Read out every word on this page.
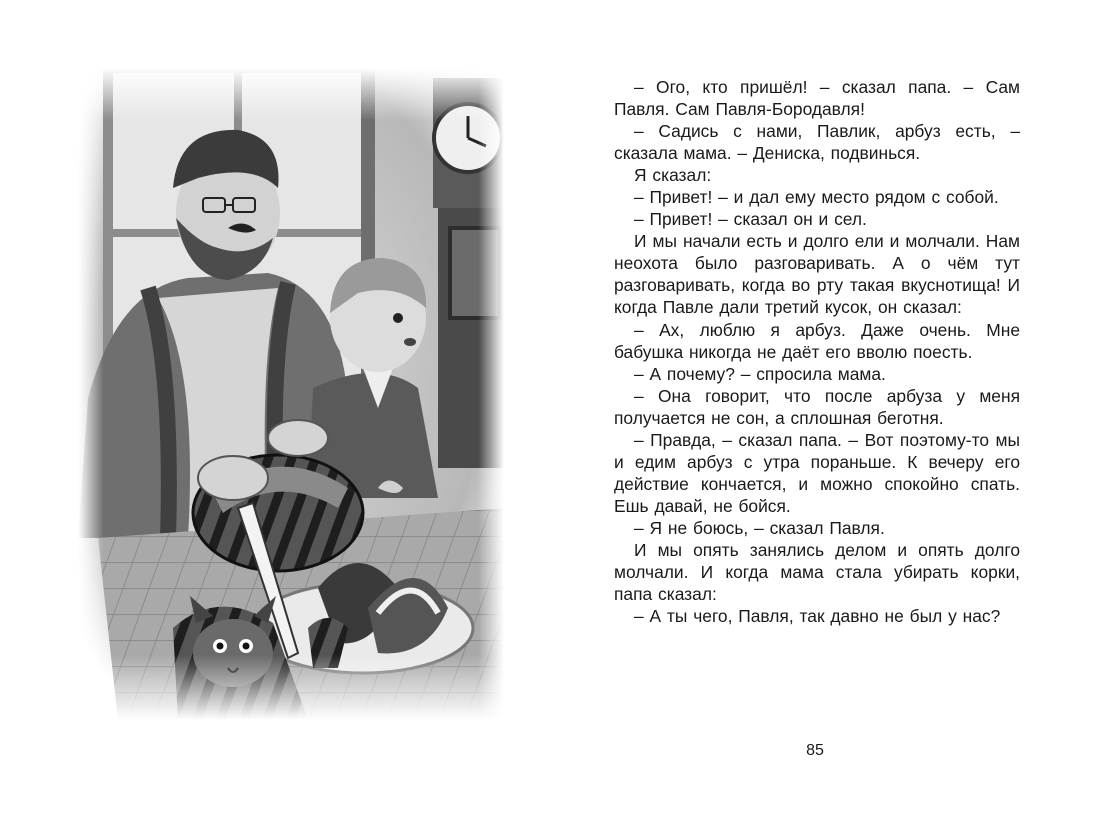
– Ого, кто пришёл! – сказал папа. – Сам Павля. Сам Павля-Бородавля!

– Садись с нами, Павлик, арбуз есть, – сказала мама. – Дениска, подвинься.

Я сказал:

– Привет! – и дал ему место рядом с собой.

– Привет! – сказал он и сел.

И мы начали есть и долго ели и молчали. Нам неохота было разговаривать. А о чём тут разговаривать, когда во рту такая вкуснотища! И когда Павле дали третий кусок, он сказал:

– Ах, люблю я арбуз. Даже очень. Мне бабушка никогда не даёт его вволю поесть.

– А почему? – спросила мама.

– Она говорит, что после арбуза у меня получается не сон, а сплошная беготня.

– Правда, – сказал папа. – Вот поэтому-то мы и едим арбуз с утра пораньше. К вечеру его действие кончается, и можно спокойно спать. Ешь давай, не бойся.

– Я не боюсь, – сказал Павля.

И мы опять занялись делом и опять долго молчали. И когда мама стала убирать корки, папа сказал:

– А ты чего, Павля, так давно не был у нас?

85
